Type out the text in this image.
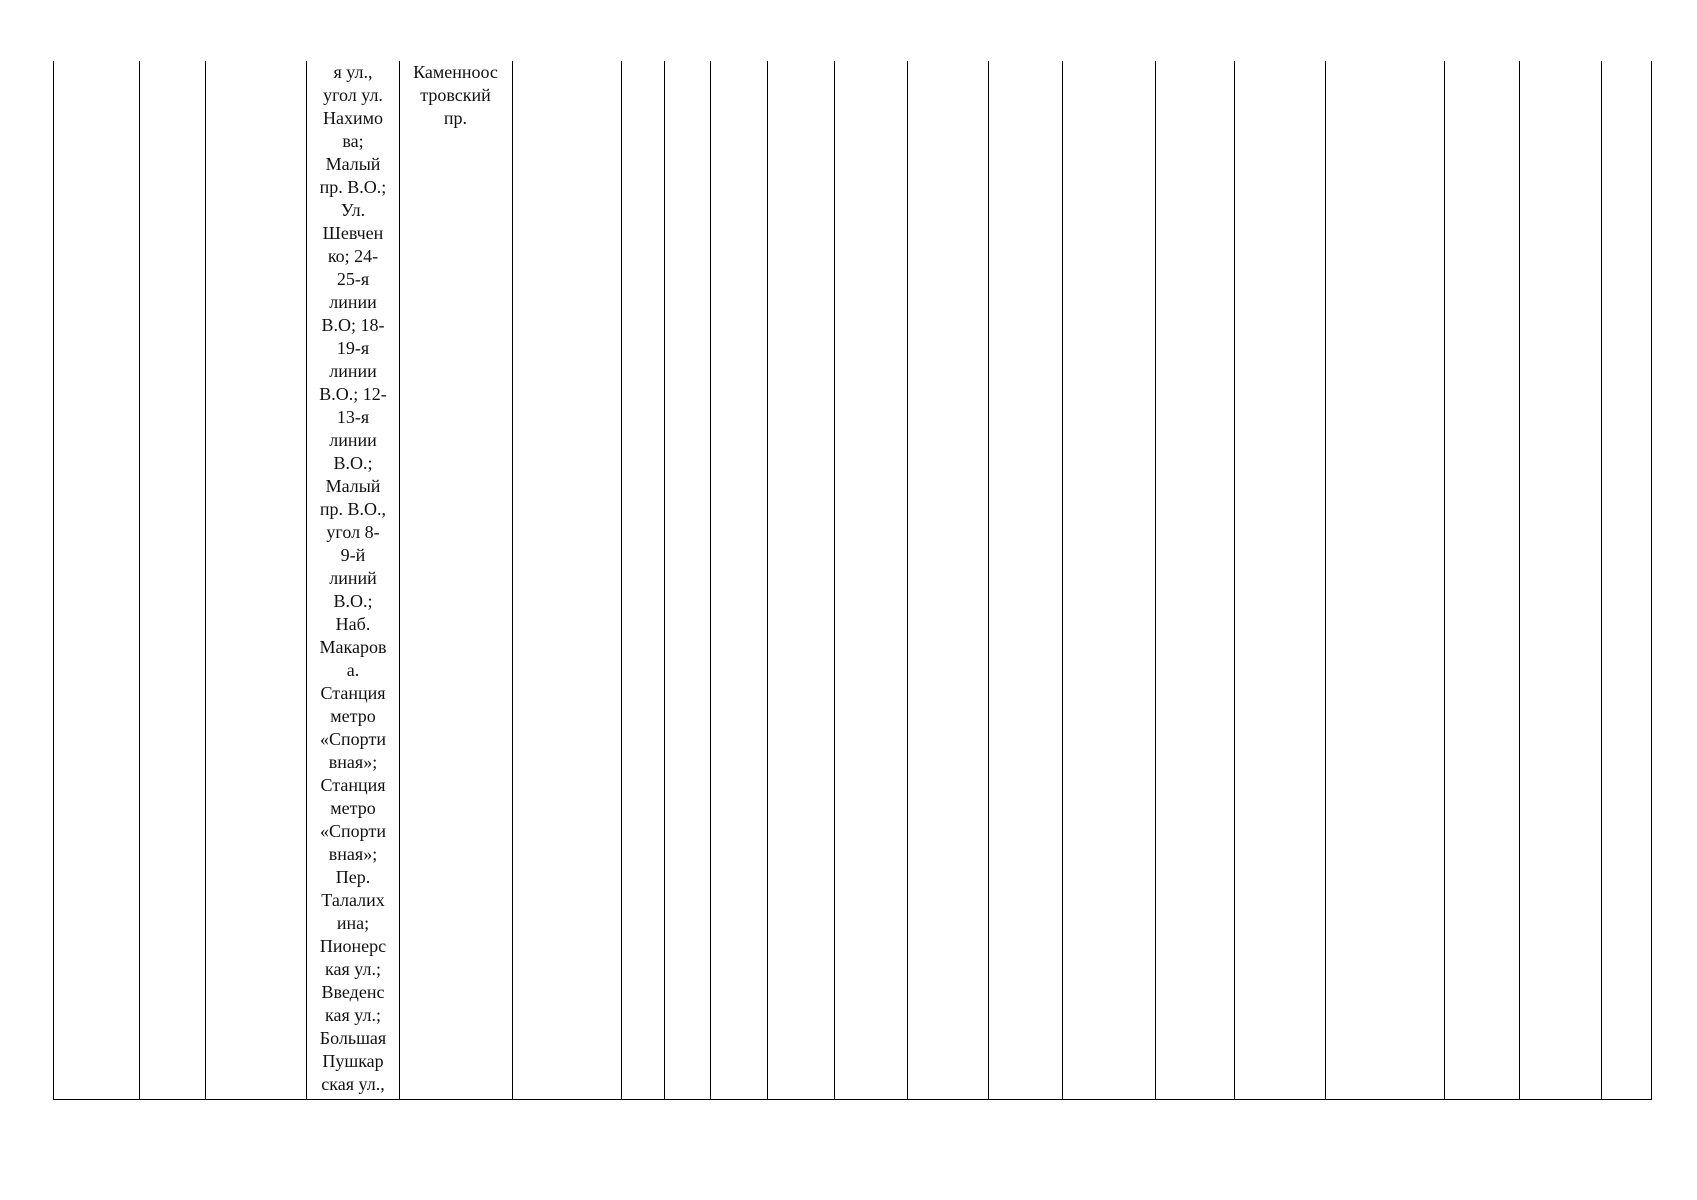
я ул.,
угол ул.
Нахимо
ва;
Малый
пр. В.О.;
Ул.
Шевчен
ко; 24-
25-я
линии
В.О; 18-
19-я
линии
В.О.; 12-
13-я
линии
В.О.;
Малый
пр. В.О.,
угол 8-
9-й
линий
В.О.;
Наб.
Макаров
а.
Станция
метро
«Спорти
вная»;
Станция
метро
«Спорти
вная»;
Пер.
Талалих
ина;
Пионерс
кая ул.;
Введенс
кая ул.;
Большая
Пушкар
ская ул.,

Каменноос
тровский
пр.
